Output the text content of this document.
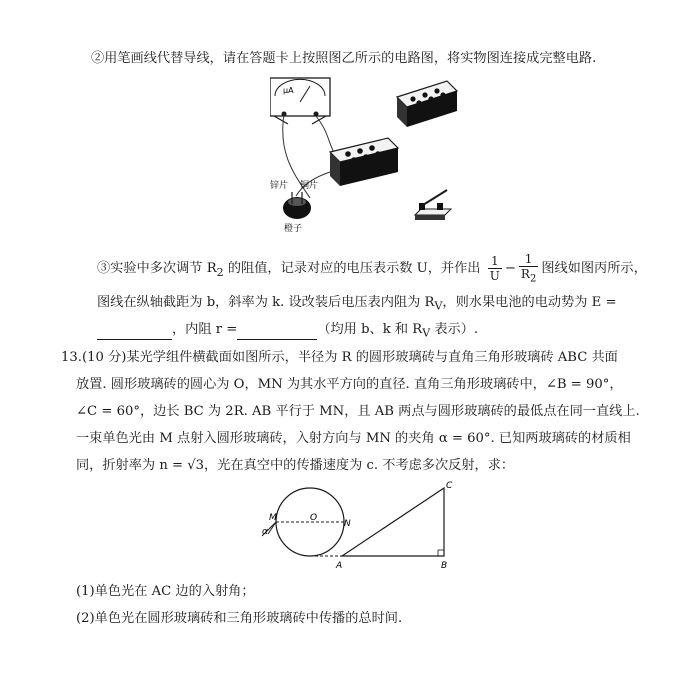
②用笔画线代替导线，请在答题卡上按照图乙所示的电路图，将实物图连接成完整电路.
μA
锌片 铜片
橙子
③实验中多次调节 $R_2$ 的阻值，记录对应的电压表示数 U，并作出 $\frac{1}{U} - \frac{1}{R_2}$ 图线如图丙所示，
图线在纵轴截距为 b，斜率为 k. 设改装后电压表内阻为 $R_V$，则水果电池的电动势为 E =
，内阻 r =	（均用 b、k 和 $R_V$ 表示）.
13.(10 分)某光学组件横截面如图所示，半径为 R 的圆形玻璃砖与直角三角形玻璃砖 ABC 共面
放置. 圆形玻璃砖的圆心为 O，MN 为其水平方向的直径. 直角三角形玻璃砖中，∠B = 90°，
∠C = 60°，边长 BC 为 2R. AB 平行于 MN，且 AB 两点与圆形玻璃砖的最低点在同一直线上.
一束单色光由 M 点射入圆形玻璃砖，入射方向与 MN 的夹角 α = 60°. 已知两玻璃砖的材质相
同，折射率为 n = √3，光在真空中的传播速度为 c. 不考虑多次反射，求：
M	O
N
α
A	B
C
(1)单色光在 AC 边的入射角；
(2)单色光在圆形玻璃砖和三角形玻璃砖中传播的总时间.
